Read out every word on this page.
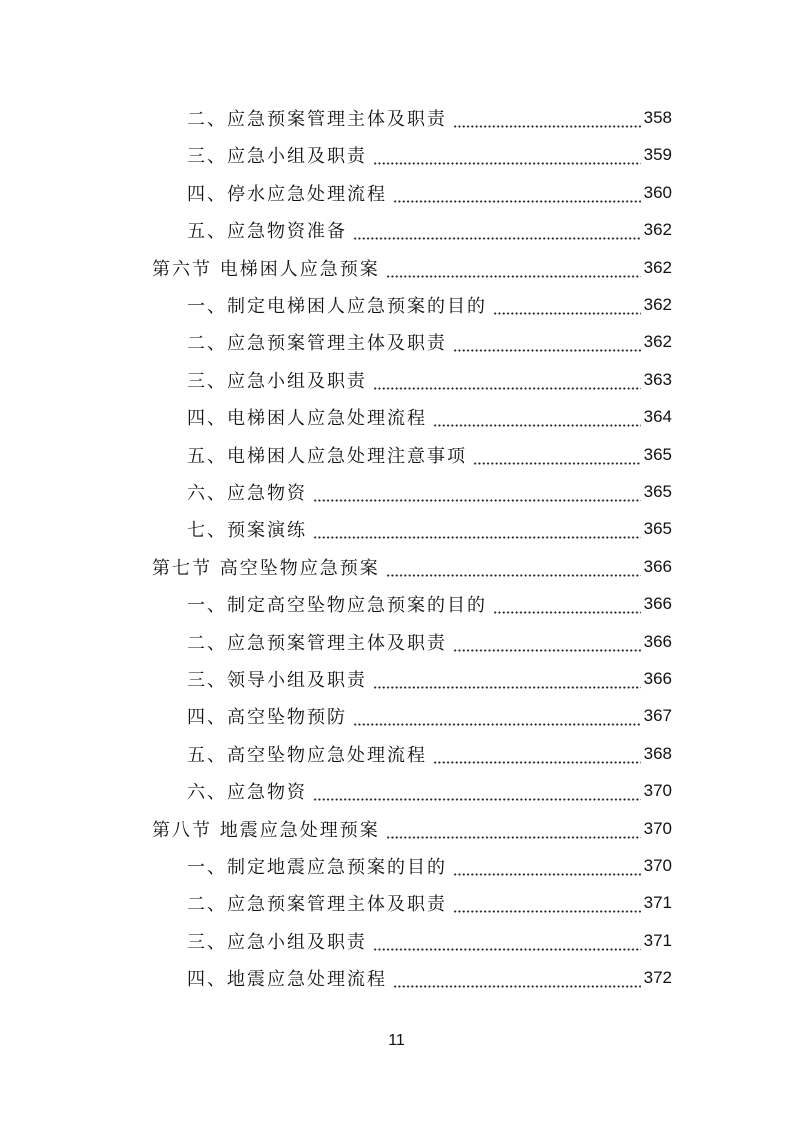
二、应急预案管理主体及职责	358
三、应急小组及职责	359
四、停水应急处理流程	360
五、应急物资准备	362
第六节 电梯困人应急预案	362
一、制定电梯困人应急预案的目的	362
二、应急预案管理主体及职责	362
三、应急小组及职责	363
四、电梯困人应急处理流程	364
五、电梯困人应急处理注意事项	365
六、应急物资	365
七、预案演练	365
第七节 高空坠物应急预案	366
一、制定高空坠物应急预案的目的	366
二、应急预案管理主体及职责	366
三、领导小组及职责	366
四、高空坠物预防	367
五、高空坠物应急处理流程	368
六、应急物资	370
第八节 地震应急处理预案	370
一、制定地震应急预案的目的	370
二、应急预案管理主体及职责	371
三、应急小组及职责	371
四、地震应急处理流程	372
11
